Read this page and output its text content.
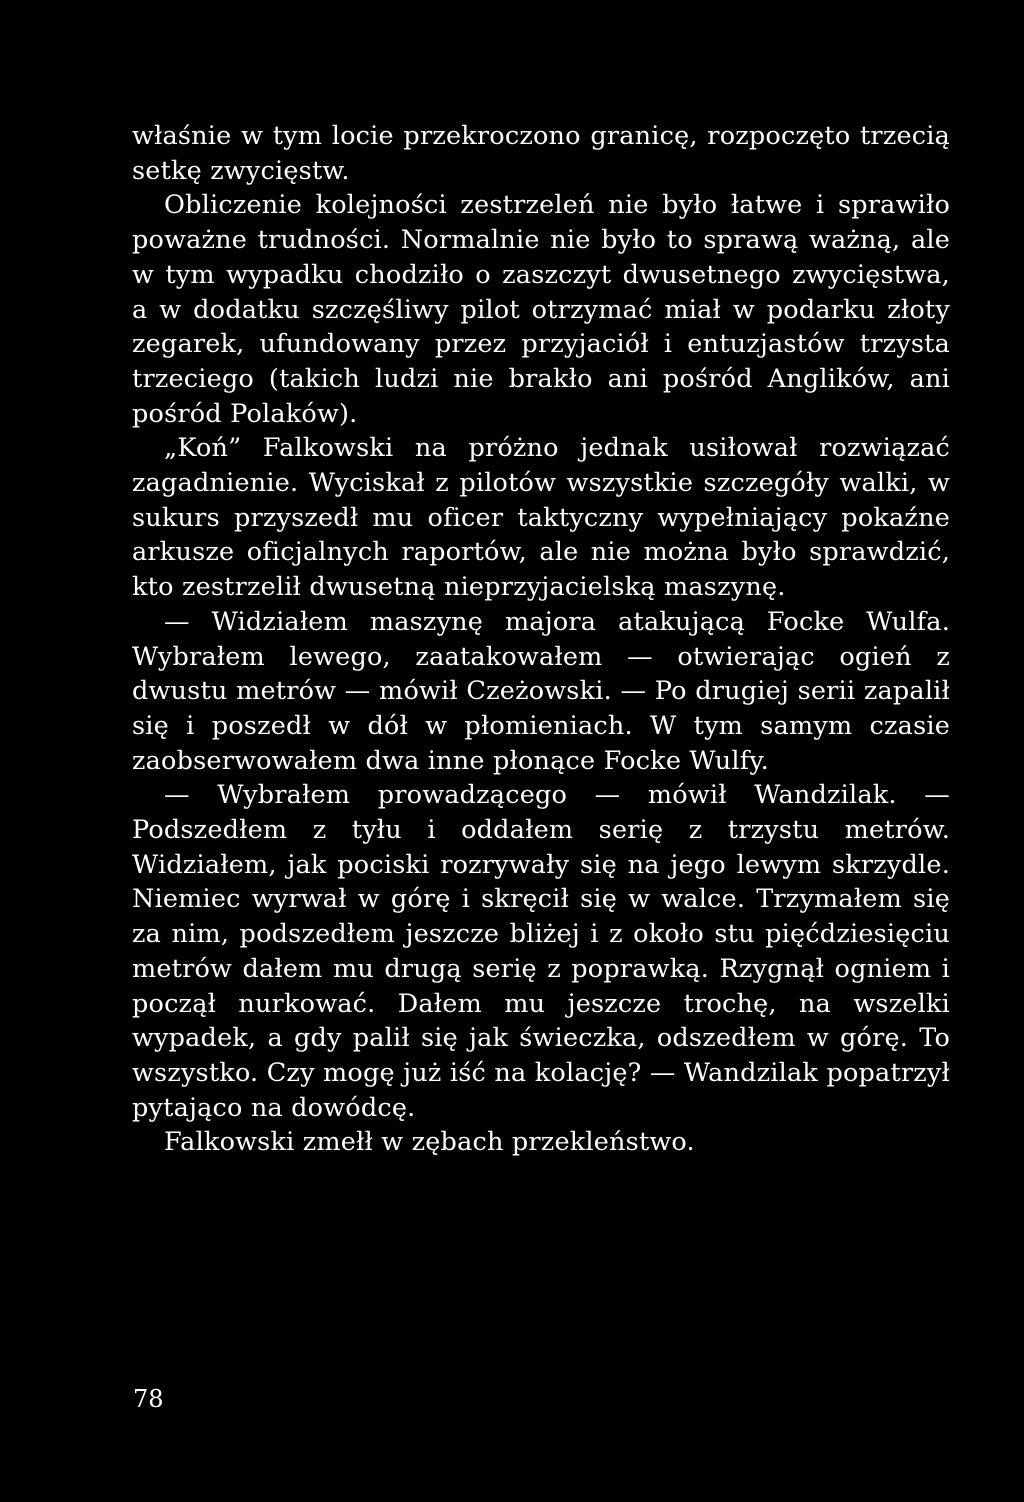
właśnie w tym locie przekroczono granicę, rozpoczęto trzecią setkę zwycięstw.

Obliczenie kolejności zestrzeleń nie było łatwe i sprawiło poważne trudności. Normalnie nie było to sprawą ważną, ale w tym wypadku chodziło o zaszczyt dwusetnego zwycięstwa, a w dodatku szczęśliwy pilot otrzymać miał w podarku złoty zegarek, ufundowany przez przyjaciół i entuzjastów trzysta trzeciego (takich ludzi nie brakło ani pośród Anglików, ani pośród Polaków).

„Koń” Falkowski na próżno jednak usiłował rozwiązać zagadnienie. Wyciskał z pilotów wszystkie szczegóły walki, w sukurs przyszedł mu oficer taktyczny wypełniający pokaźne arkusze oficjalnych raportów, ale nie można było sprawdzić, kto zestrzelił dwusetną nieprzyjacielską maszynę.

— Widziałem maszynę majora atakującą Focke Wulfa. Wybrałem lewego, zaatakowałem — otwierając ogień z dwustu metrów — mówił Czeżowski. — Po drugiej serii zapalił się i poszedł w dół w płomieniach. W tym samym czasie zaobserwowałem dwa inne płonące Focke Wulfy.

— Wybrałem prowadzącego — mówił Wandzilak. — Podszedłem z tyłu i oddałem serię z trzystu metrów. Widziałem, jak pociski rozrywały się na jego lewym skrzydle. Niemiec wyrwał w górę i skręcił się w walce. Trzymałem się za nim, podszedłem jeszcze bliżej i z około stu pięćdziesięciu metrów dałem mu drugą serię z poprawką. Rzygnął ogniem i począł nurkować. Dałem mu jeszcze trochę, na wszelki wypadek, a gdy palił się jak świeczka, odszedłem w górę. To wszystko. Czy mogę już iść na kolację? — Wandzilak popatrzył pytająco na dowódcę.

Falkowski zmełł w zębach przekleństwo.

78
